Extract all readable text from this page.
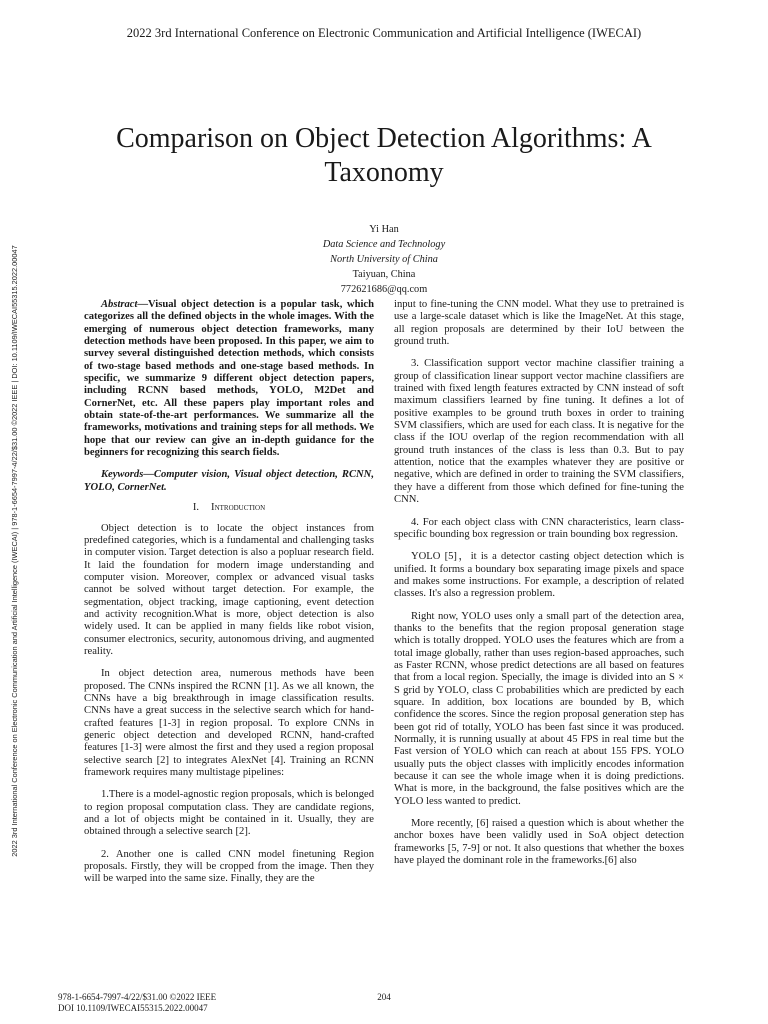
2022 3rd International Conference on Electronic Communication and Artificial Intelligence (IWECAI)
2022 3rd International Conference on Electronic Communication and Artificial Intelligence (IWECAI) | 978-1-6654-7997-4/22/$31.00 ©2022 IEEE | DOI: 10.1109/IWECAI55315.2022.00047
Comparison on Object Detection Algorithms: A Taxonomy
Yi Han
Data Science and Technology
North University of China
Taiyuan, China
772621686@qq.com
Abstract—Visual object detection is a popular task, which categorizes all the defined objects in the whole images. With the emerging of numerous object detection frameworks, many detection methods have been proposed. In this paper, we aim to survey several distinguished detection methods, which consists of two-stage based methods and one-stage based methods. In specific, we summarize 9 different object detection papers, including RCNN based methods, YOLO, M2Det and CornerNet, etc. All these papers play important roles and obtain state-of-the-art performances. We summarize all the frameworks, motivations and training steps for all methods. We hope that our review can give an in-depth guidance for the beginners for recognizing this search fields.
Keywords—Computer vision, Visual object detection, RCNN, YOLO, CornerNet.
I. Introduction

Object detection is to locate the object instances from predefined categories, which is a fundamental and challenging tasks in computer vision. Target detection is also a popluar research field. It laid the foundation for modern image understanding and computer vision. Moreover, complex or advanced visual tasks cannot be solved without target detection. For example, the segmentation, object tracking, image captioning, event detection and activity recognition.What is more, object detection is also widely used. It can be applied in many fields like robot vision, consumer electronics, security, autonomous driving, and augmented reality.

In object detection area, numerous methods have been proposed. The CNNs inspired the RCNN [1]. As we all known, the CNNs have a big breakthrough in image classification results. CNNs have a great success in the selective search which for hand-crafted features [1-3] in region proposal. To explore CNNs in generic object detection and developed RCNN, hand-crafted features [1-3] were almost the first and they used a region proposal selective search [2] to integrates AlexNet [4]. Training an RCNN framework requires many multistage pipelines:

1.There is a model-agnostic region proposals, which is belonged to region proposal computation class. They are candidate regions, and a lot of objects might be contained in it. Usually, they are obtained through a selective search [2].

2. Another one is called CNN model finetuning Region proposals. Firstly, they will be cropped from the image. Then they will be warped into the same size. Finally, they are the

input to fine-tuning the CNN model. What they use to pretrained is use a large-scale dataset which is like the ImageNet. At this stage, all region proposals are determined by their IoU between the ground truth.

3. Classification support vector machine classifier training a group of classification linear support vector machine classifiers are trained with fixed length features extracted by CNN instead of soft maximum classifiers learned by fine tuning. It defines a lot of positive examples to be ground truth boxes in order to training SVM classifiers, which are used for each class. It is negative for the class if the IOU overlap of the region recommendation with all ground truth instances of the class is less than 0.3. But to pay attention, notice that the examples whatever they are positive or negative, which are defined in order to training the SVM classifiers, they have a different from those which defined for fine-tuning the CNN.

4. For each object class with CNN characteristics, learn class-specific bounding box regression or train bounding box regression.

YOLO [5]，it is a detector casting object detection which is unified. It forms a boundary box separating image pixels and space and makes some instructions. For example, a description of related classes. It's also a regression problem.

Right now, YOLO uses only a small part of the detection area, thanks to the benefits that the region proposal generation stage which is totally dropped. YOLO uses the features which are from a total image globally, rather than uses region-based approaches, such as Faster RCNN, whose predict detections are all based on features that from a local region. Specially, the image is divided into an S × S grid by YOLO, class C probabilities which are predicted by each square. In addition, box locations are bounded by B, which confidence the scores. Since the region proposal generation step has been got rid of totally, YOLO has been fast since it was produced. Normally, it is running usually at about 45 FPS in real time but the Fast version of YOLO which can reach at about 155 FPS. YOLO usually puts the object classes with implicitly encodes information because it can see the whole image when it is doing predictions. What is more, in the background, the false positives which are the YOLO less wanted to predict.

More recently, [6] raised a question which is about whether the anchor boxes have been validly used in SoA object detection frameworks [5, 7-9] or not. It also questions that whether the boxes have played the dominant role in the frameworks.[6] also

978-1-6654-7997-4/22/$31.00 ©2022 IEEE
DOI 10.1109/IWECAI55315.2022.00047
204
